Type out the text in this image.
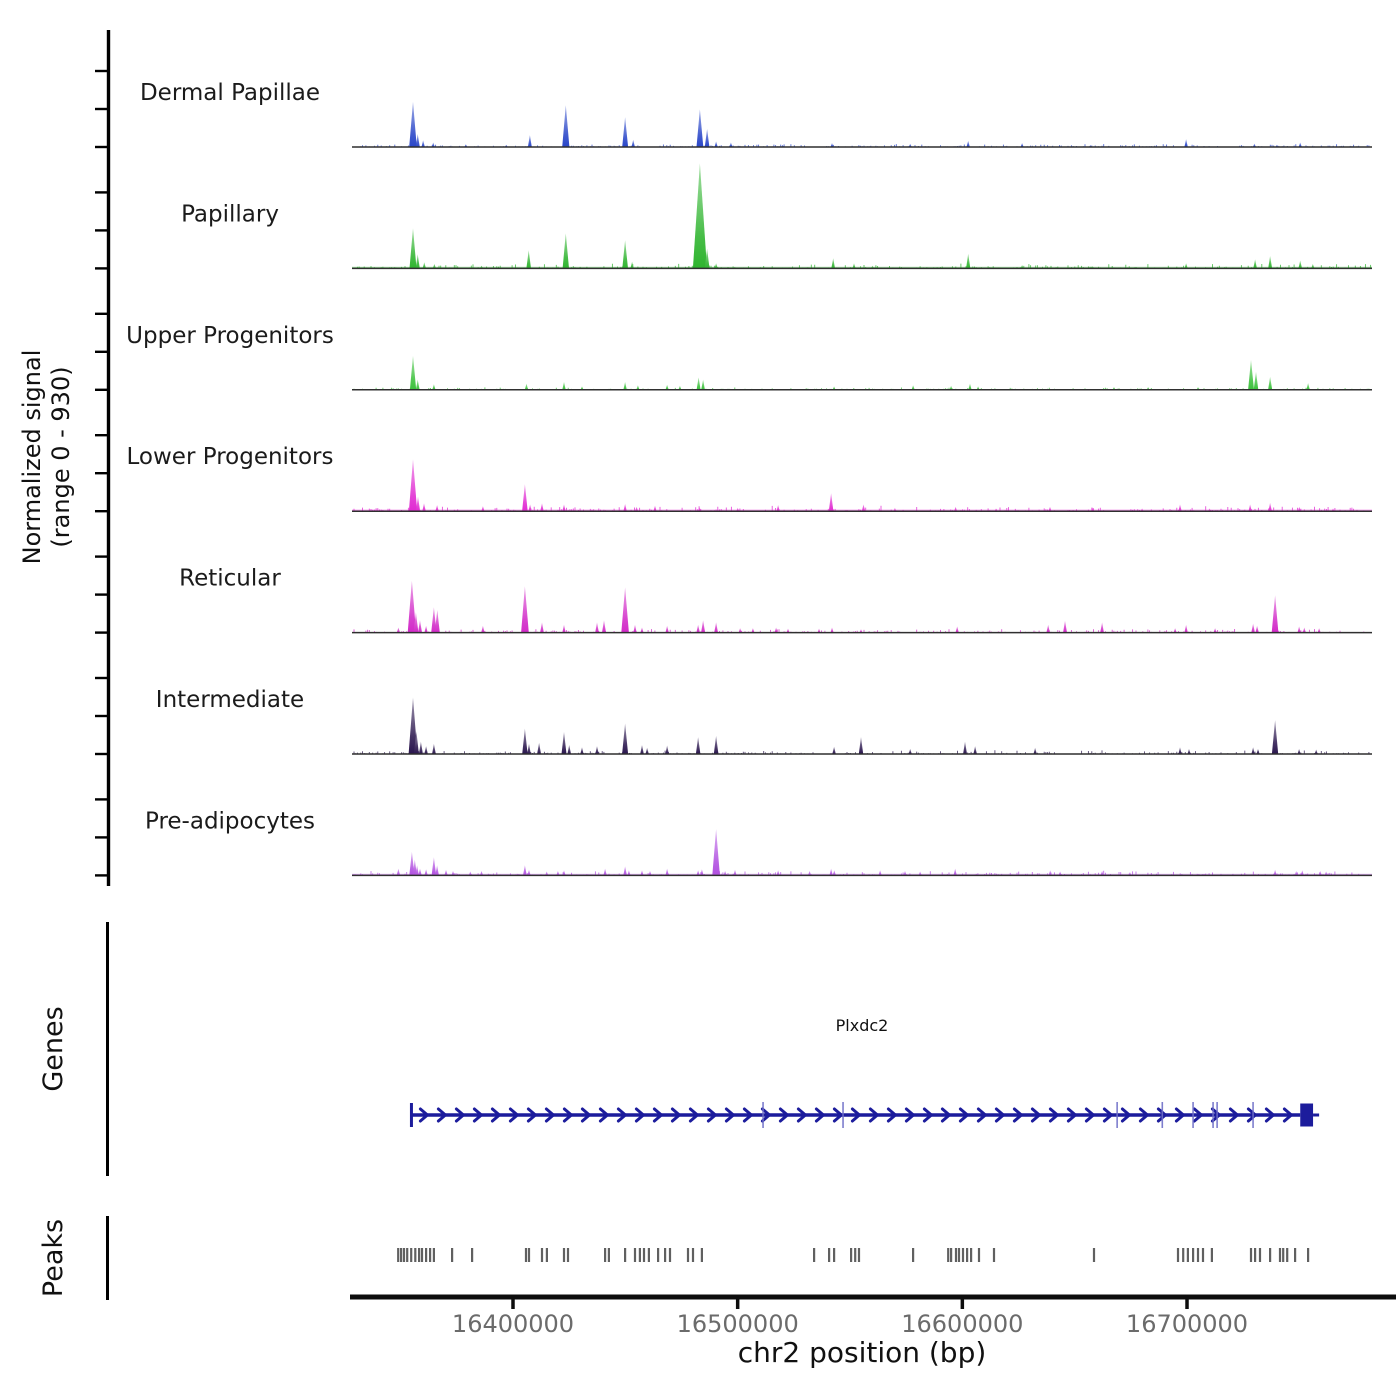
Normalized signal (range 0 - 930)
Genes
Peaks
Plxdc2
Dermal Papillae
Papillary
Upper Progenitors
Lower Progenitors
Reticular
Intermediate
Pre-adipocytes
16400000	16500000	16600000	16700000
chr2 position (bp)
